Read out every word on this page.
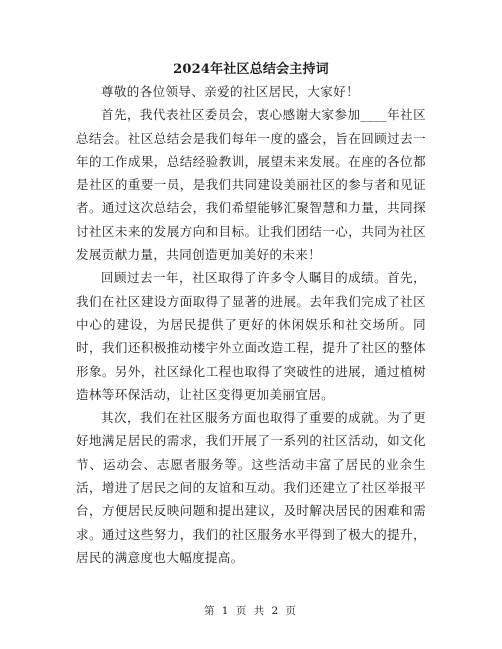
2024年社区总结会主持词

尊敬的各位领导、亲爱的社区居民，大家好！

首先，我代表社区委员会，衷心感谢大家参加____年社区总结会。社区总结会是我们每年一度的盛会，旨在回顾过去一年的工作成果，总结经验教训，展望未来发展。在座的各位都是社区的重要一员，是我们共同建设美丽社区的参与者和见证者。通过这次总结会，我们希望能够汇聚智慧和力量，共同探讨社区未来的发展方向和目标。让我们团结一心，共同为社区发展贡献力量，共同创造更加美好的未来！

回顾过去一年，社区取得了许多令人瞩目的成绩。首先，我们在社区建设方面取得了显著的进展。去年我们完成了社区中心的建设，为居民提供了更好的休闲娱乐和社交场所。同时，我们还积极推动楼宇外立面改造工程，提升了社区的整体形象。另外，社区绿化工程也取得了突破性的进展，通过植树造林等环保活动，让社区变得更加美丽宜居。

其次，我们在社区服务方面也取得了重要的成就。为了更好地满足居民的需求，我们开展了一系列的社区活动，如文化节、运动会、志愿者服务等。这些活动丰富了居民的业余生活，增进了居民之间的友谊和互动。我们还建立了社区举报平台，方便居民反映问题和提出建议，及时解决居民的困难和需求。通过这些努力，我们的社区服务水平得到了极大的提升，居民的满意度也大幅度提高。

第 1 页 共 2 页
